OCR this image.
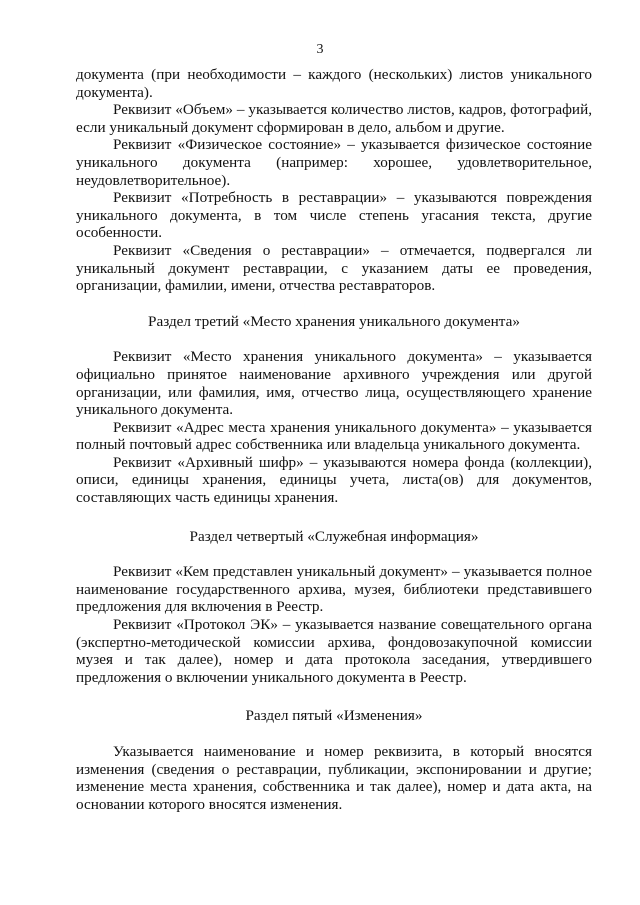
3

документа (при необходимости – каждого (нескольких) листов уникального документа).

Реквизит «Объем» – указывается количество листов, кадров, фотографий, если уникальный документ сформирован в дело, альбом и другие.

Реквизит «Физическое состояние» – указывается физическое состояние уникального документа (например: хорошее, удовлетворительное, неудовлетворительное).

Реквизит «Потребность в реставрации» – указываются повреждения уникального документа, в том числе степень угасания текста, другие особенности.

Реквизит «Сведения о реставрации» – отмечается, подвергался ли уникальный документ реставрации, с указанием даты ее проведения, организации, фамилии, имени, отчества реставраторов.

Раздел третий «Место хранения уникального документа»

Реквизит «Место хранения уникального документа» – указывается официально принятое наименование архивного учреждения или другой организации, или фамилия, имя, отчество лица, осуществляющего хранение уникального документа.

Реквизит «Адрес места хранения уникального документа» – указывается полный почтовый адрес собственника или владельца уникального документа.

Реквизит «Архивный шифр» – указываются номера фонда (коллекции), описи, единицы хранения, единицы учета, листа(ов) для документов, составляющих часть единицы хранения.

Раздел четвертый «Служебная информация»

Реквизит «Кем представлен уникальный документ» – указывается полное наименование государственного архива, музея, библиотеки представившего предложения для включения в Реестр.

Реквизит «Протокол ЭК» – указывается название совещательного органа (экспертно-методической комиссии архива, фондовозакупочной комиссии музея и так далее), номер и дата протокола заседания, утвердившего предложения о включении уникального документа в Реестр.

Раздел пятый «Изменения»

Указывается наименование и номер реквизита, в который вносятся изменения (сведения о реставрации, публикации, экспонировании и другие; изменение места хранения, собственника и так далее), номер и дата акта, на основании которого вносятся изменения.
